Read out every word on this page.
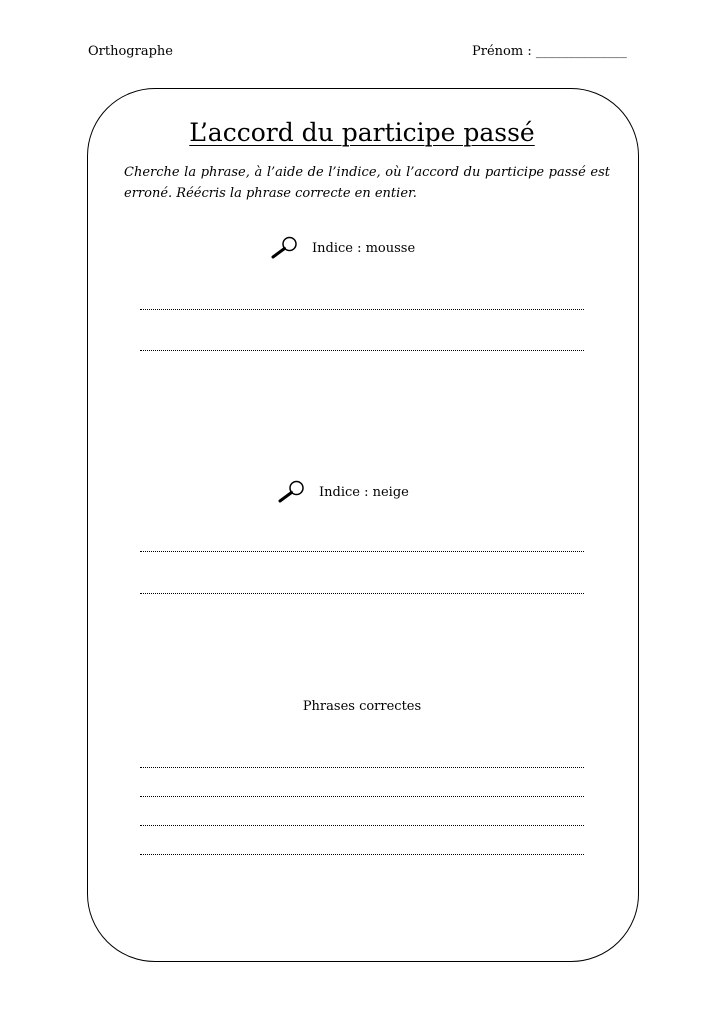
Orthographe	Prénom : ______________
L’accord du participe passé
Cherche la phrase, à l’aide de l’indice, où l’accord du participe passé est erroné. Réécris la phrase correcte en entier.
Indice : mousse
Indice : neige
Phrases correctes
